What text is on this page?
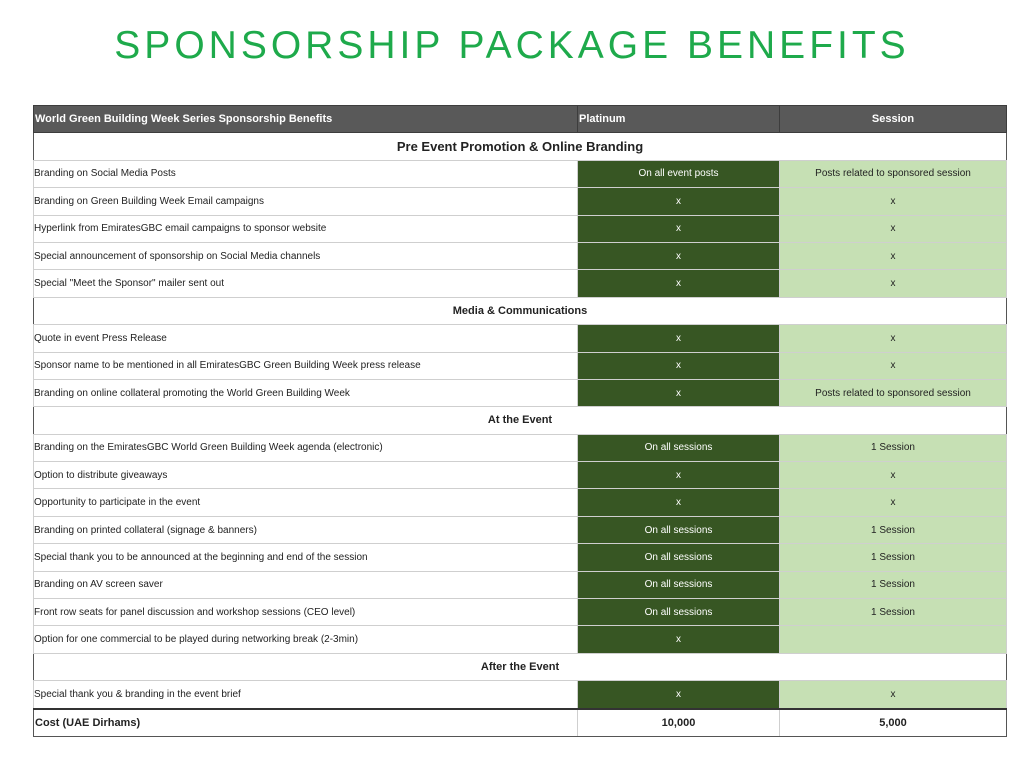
SPONSORSHIP PACKAGE BENEFITS
World Green Building Week Series Sponsorship Benefits	Platinum	Session
Pre Event Promotion & Online Branding		
Branding on Social Media Posts	On all event posts	Posts related to sponsored session
Branding on Green Building Week Email campaigns	x	x
Hyperlink from EmiratesGBC email campaigns to sponsor website	x	x
Special announcement of sponsorship on Social Media channels	x	x
Special "Meet the Sponsor" mailer sent out	x	x
Media & Communications		
Quote in event Press Release	x	x
Sponsor name to be mentioned in all EmiratesGBC Green Building Week press release	x	x
Branding on online collateral promoting the World Green Building Week	x	Posts related to sponsored session
At the Event		
Branding on the EmiratesGBC World Green Building Week agenda (electronic)	On all sessions	1 Session
Option to distribute giveaways	x	x
Opportunity to participate in the event	x	x
Branding on printed collateral (signage & banners)	On all sessions	1 Session
Special thank you to be announced at the beginning and end of the session	On all sessions	1 Session
Branding on AV screen saver	On all sessions	1 Session
Front row seats for panel discussion and workshop sessions (CEO level)	On all sessions	1 Session
Option for one commercial to be played during networking break (2-3min)	x	
After the Event		
Special thank you & branding in the event brief	x	x
Cost (UAE Dirhams)	10,000	5,000
